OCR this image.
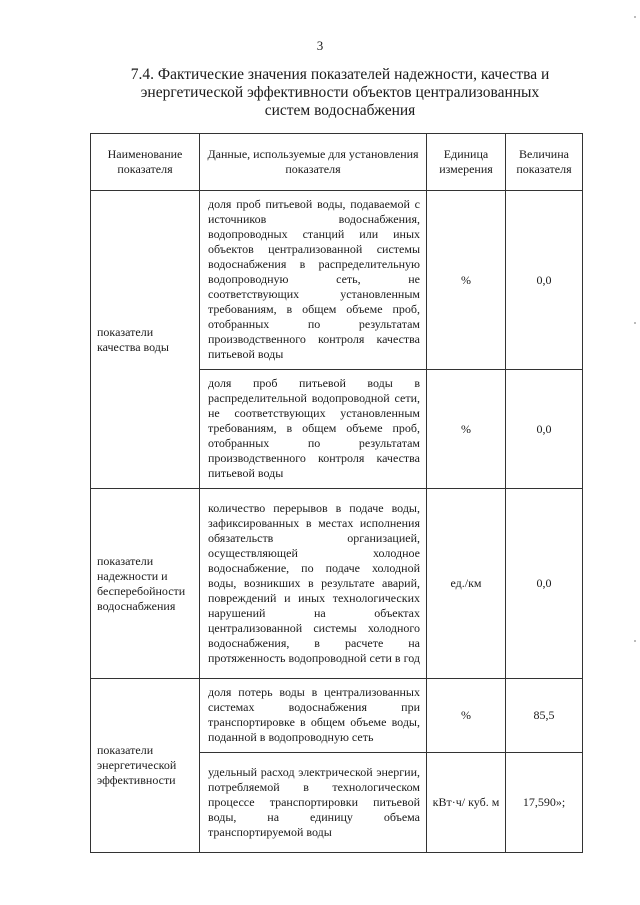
3
7.4. Фактические значения показателей надежности, качества и
энергетической эффективности объектов централизованных
систем водоснабжения
Наименование показателя	Данные, используемые для установления показателя	Единица измерения	Величина показателя
показатели качества воды	доля проб питьевой воды, подаваемой с источников водоснабжения, водопроводных станций или иных объектов централизованной системы водоснабжения в распределительную водопроводную сеть, не соответствующих установленным требованиям, в общем объеме проб, отобранных по результатам производственного контроля качества питьевой воды	%	0,0
	доля проб питьевой воды в распределительной водопроводной сети, не соответствующих установленным требованиям, в общем объеме проб, отобранных по результатам производственного контроля качества питьевой воды	%	0,0
показатели надежности и бесперебойности водоснабжения	количество перерывов в подаче воды, зафиксированных в местах исполнения обязательств организацией, осуществляющей холодное водоснабжение, по подаче холодной воды, возникших в результате аварий, повреждений и иных технологических нарушений на объектах централизованной системы холодного водоснабжения, в расчете на протяженность водопроводной сети в год	ед./км	0,0
показатели энергетической эффективности	доля потерь воды в централизованных системах водоснабжения при транспортировке в общем объеме воды, поданной в водопроводную сеть	%	85,5
	удельный расход электрической энергии, потребляемой в технологическом процессе транспортировки питьевой воды, на единицу объема транспортируемой воды	кВт·ч/ куб. м	17,590»;
